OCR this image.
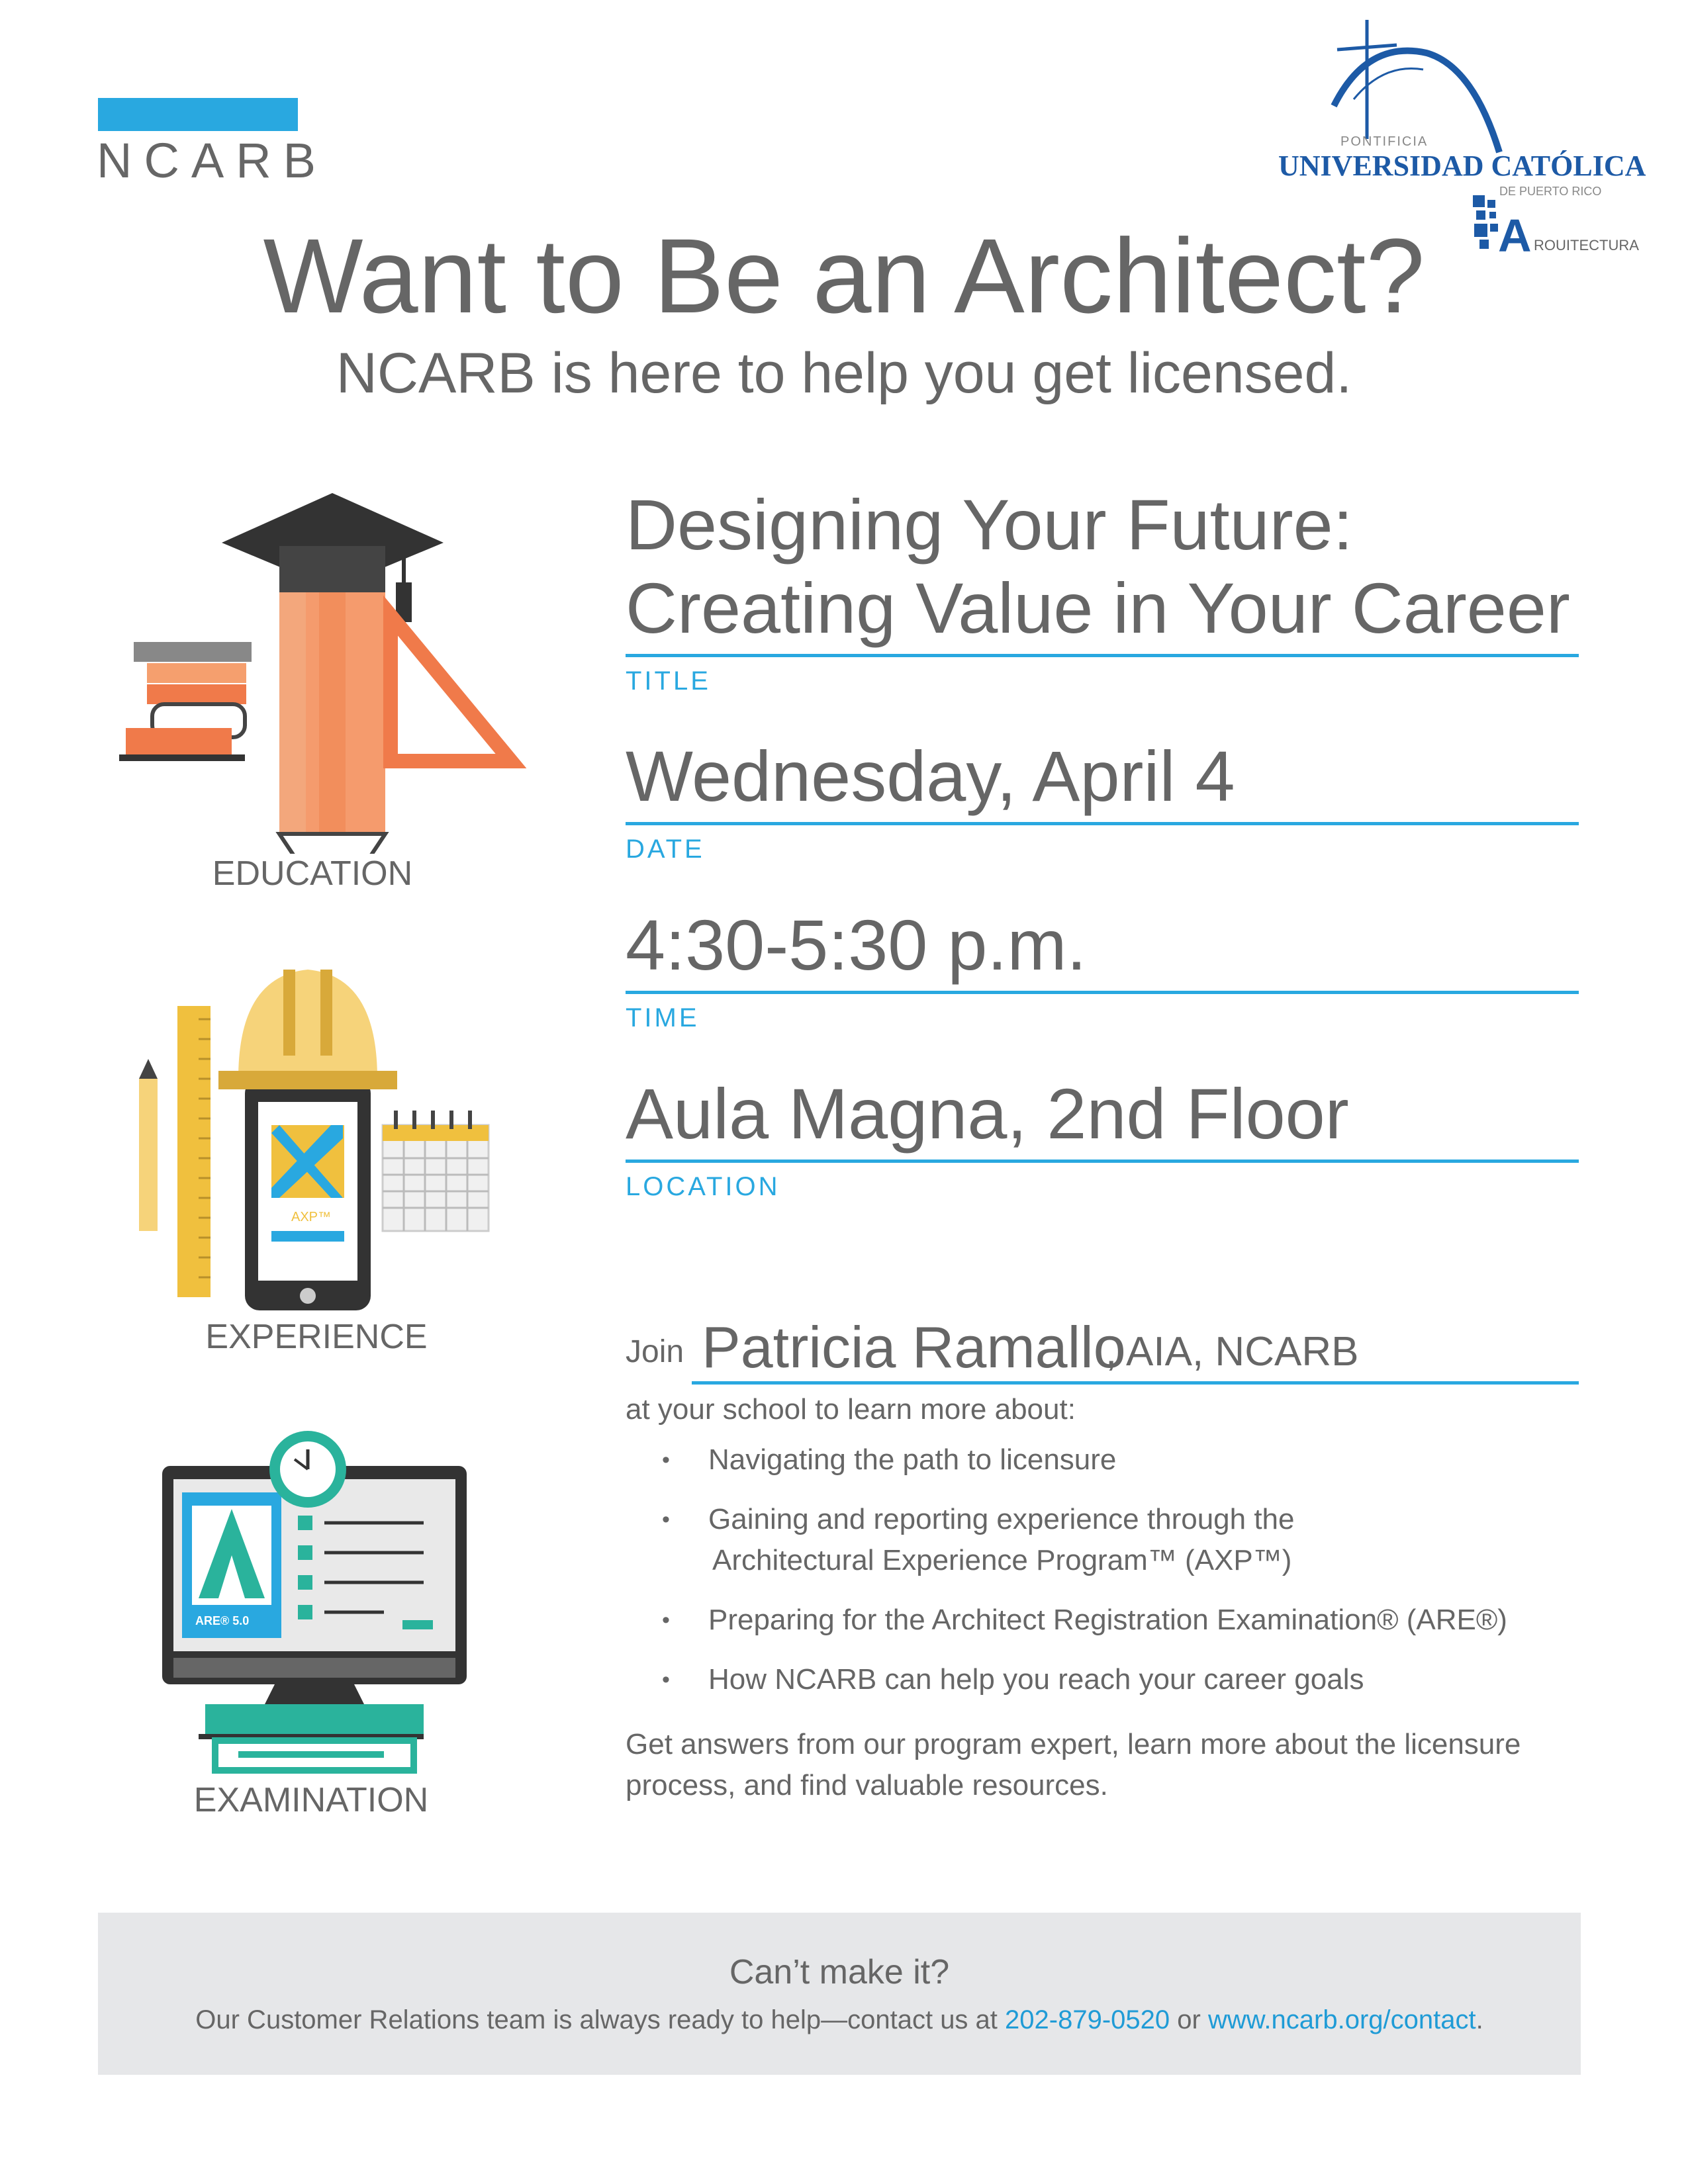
NCARB	PONTIFICIA
UNIVERSIDAD CATÓLICA
DE PUERTO RICO
A ROUITECTURA
Want to Be an Architect?
NCARB is here to help you get licensed.
EDUCATION
AXP™
EXPERIENCE
ARE® 5.0
EXAMINATION
Designing Your Future:
Creating Value in Your Career
TITLE
Wednesday, April 4
DATE
4:30-5:30 p.m.
TIME
Aula Magna, 2nd Floor
LOCATION
Join Patricia Ramallo
, AIA, NCARB
at your school to learn more about:
• Navigating the path to licensure
• Gaining and reporting experience through the
Architectural Experience Program™ (AXP™)
• Preparing for the Architect Registration Examination® (ARE®)
• How NCARB can help you reach your career goals
Get answers from our program expert, learn more about the licensure process, and find valuable resources.
Can’t make it?
Our Customer Relations team is always ready to help—contact us at 202-879-0520 or www.ncarb.org/contact.
